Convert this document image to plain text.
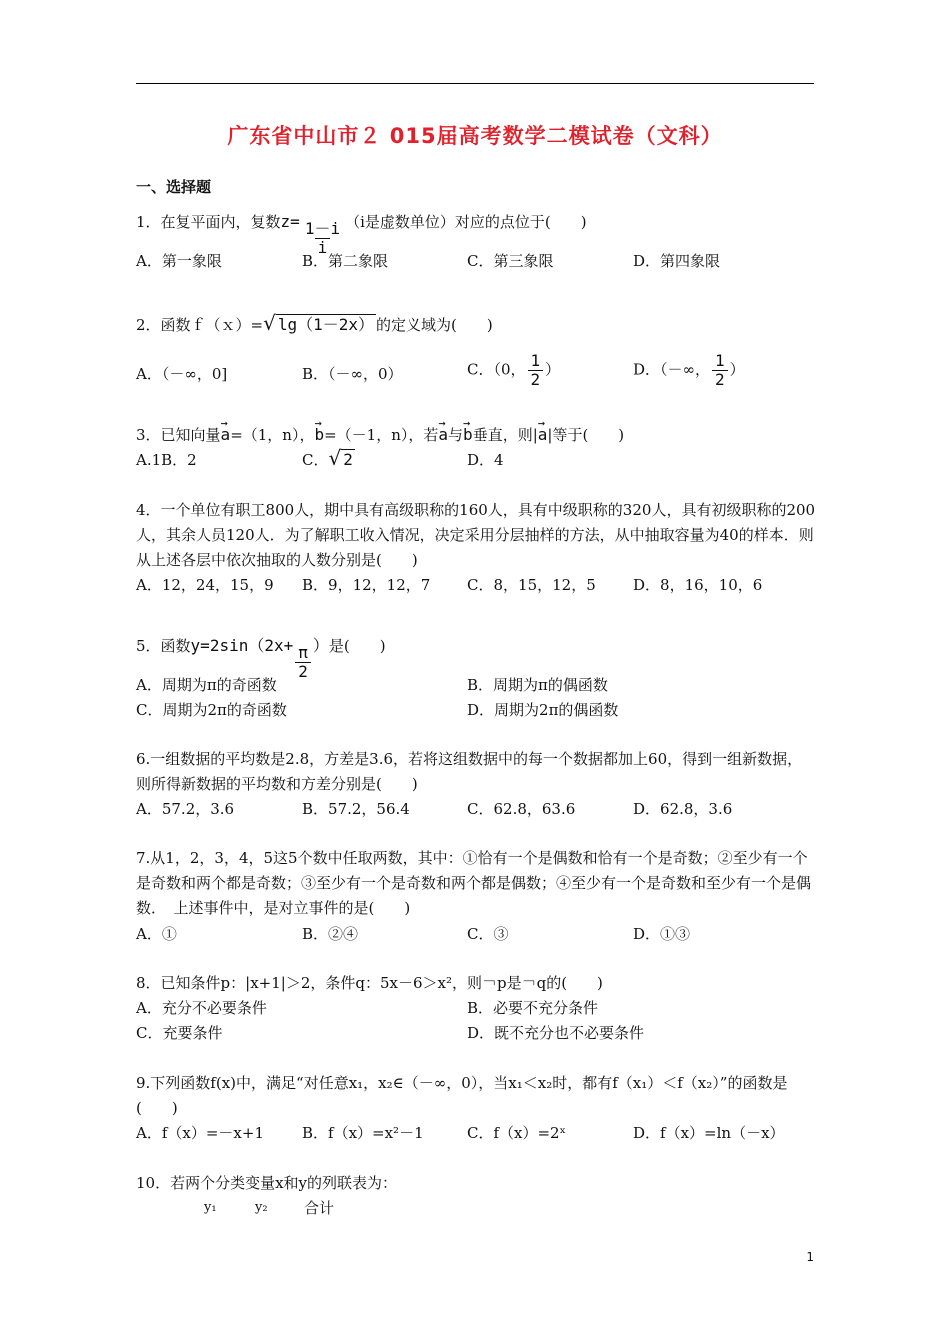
广东省中山市２ 015届高考数学二模试卷（文科）
一、选择题
1．在复平面内，复数$z= \frac{1-i}{i} (i$是虚数单位）对应的点位于(　　)
A．第一象限	B．第二象限	C．第三象限	D．第四象限
2．函数ｆ（ｘ）=√ lg（1－2x） 的定义域为(　　)
A．（－∞，0]	B．（－∞，0）	C．（0， $\frac{1}{2}$ ）	D．（－∞， $\frac{1}{2}$ ）
3．已知向量→ a=（1，n），→ b=（－1，n），若→ a与→ b垂直，则|→ a|等于(　　)
A.1B．2	C．√ 2	D．4
4．一个单位有职工800人，期中具有高级职称的160人，具有中级职称的320人，具有初级职称的200人，其余人员120人．为了解职工收入情况，决定采用分层抽样的方法，从中抽取容量为40的样本．则从上述各层中依次抽取的人数分别是(　　)
A．12，24，15，9 B．9，12，12，7 C．8，15，12，5 D．8，16，10，6
5．函数$y=2\sin(2x+ \frac{\pi}{2}$ ）是(　　)
A．周期为π的奇函数	B．周期为π的偶函数
C．周期为2π的奇函数	D．周期为2π的偶函数
6.一组数据的平均数是2.8，方差是3.6，若将这组数据中的每一个数据都加上60，得到一组新数据，则所得新数据的平均数和方差分别是(　　)
A．57.2，3.6	B．57.2，56.4	C．62.8，63.6	D．62.8，3.6
7.从1，2，3，4，5这5个数中任取两数，其中：①恰有一个是偶数和恰有一个是奇数；②至少有一个是奇数和两个都是奇数；③至少有一个是奇数和两个都是偶数；④至少有一个是奇数和至少有一个是偶数．　上述事件中，是对立事件的是(　　)
A．①	B．②④	C．③	D．①③
8．已知条件p：|x+1|＞2，条件q：5x－6＞x²，则￢p是￢q的(　　)
A．充分不必要条件	B．必要不充分条件
C．充要条件	D．既不充分也不必要条件
9.下列函数f(x)中，满足“对任意x₁，x₂∈（－∞，0），当x₁＜x₂时，都有f（x₁）＜f（x₂）”的函数是(　　)
A．f（x）=－x+1	B．f（x）=x²－1	C．f（x）=2ˣ	D．f（x）=ln（－x）
10．若两个分类变量x和y的列联表为：
y₁	y₂ 合计
1
